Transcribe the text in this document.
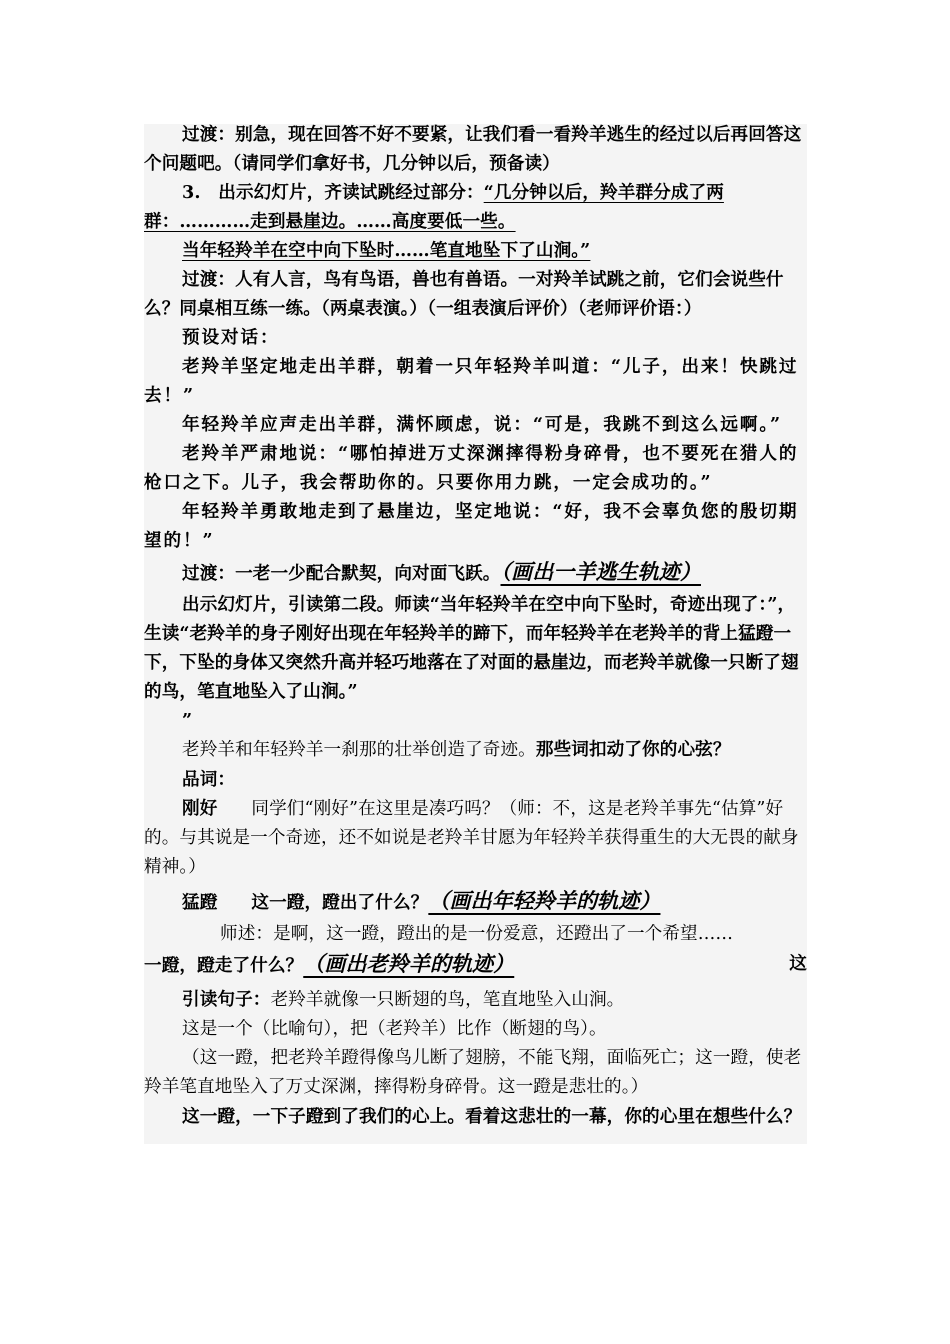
过渡：别急，现在回答不好不要紧，让我们看一看羚羊逃生的经过以后再回答这个问题吧。（请同学们拿好书，几分钟以后，预备读）

3.　出示幻灯片，齐读试跳经过部分：“几分钟以后，羚羊群分成了两群：…………走到悬崖边。……高度要低一些。

当年轻羚羊在空中向下坠时……笔直地坠下了山涧。”

过渡：人有人言，鸟有鸟语，兽也有兽语。一对羚羊试跳之前，它们会说些什么？同桌相互练一练。（两桌表演。）（一组表演后评价）（老师评价语：）

预设对话：

老羚羊坚定地走出羊群，朝着一只年轻羚羊叫道：“儿子，出来！快跳过去！”

年轻羚羊应声走出羊群，满怀顾虑，说：“可是，我跳不到这么远啊。”

老羚羊严肃地说：“哪怕掉进万丈深渊摔得粉身碎骨，也不要死在猎人的枪口之下。儿子，我会帮助你的。只要你用力跳，一定会成功的。”

年轻羚羊勇敢地走到了悬崖边，坚定地说：“好，我不会辜负您的殷切期望的！”

过渡：一老一少配合默契，向对面飞跃。（画出一羊逃生轨迹）

出示幻灯片，引读第二段。师读“当年轻羚羊在空中向下坠时，奇迹出现了：”，生读“老羚羊的身子刚好出现在年轻羚羊的蹄下，而年轻羚羊在老羚羊的背上猛蹬一下，下坠的身体又突然升高并轻巧地落在了对面的悬崖边，而老羚羊就像一只断了翅的鸟，笔直地坠入了山涧。”

”

老羚羊和年轻羚羊一刹那的壮举创造了奇迹。那些词扣动了你的心弦？

品词：

刚好 同学们“刚好”在这里是凑巧吗？（师：不，这是老羚羊事先“估算”好的。与其说是一个奇迹，还不如说是老羚羊甘愿为年轻羚羊获得重生的大无畏的献身精神。）

猛蹬 这一蹬，蹬出了什么？（画出年轻羚羊的轨迹）

师述：是啊，这一蹬，蹬出的是一份爱意，还蹬出了一个希望……
这

一蹬，蹬走了什么？（画出老羚羊的轨迹）

引读句子：老羚羊就像一只断翅的鸟，笔直地坠入山涧。

这是一个（比喻句），把（老羚羊）比作（断翅的鸟）。

（这一蹬，把老羚羊蹬得像鸟儿断了翅膀，不能飞翔，面临死亡；这一蹬，使老羚羊笔直地坠入了万丈深渊，摔得粉身碎骨。这一蹬是悲壮的。）

这一蹬，一下子蹬到了我们的心上。看着这悲壮的一幕，你的心里在想些什么？
